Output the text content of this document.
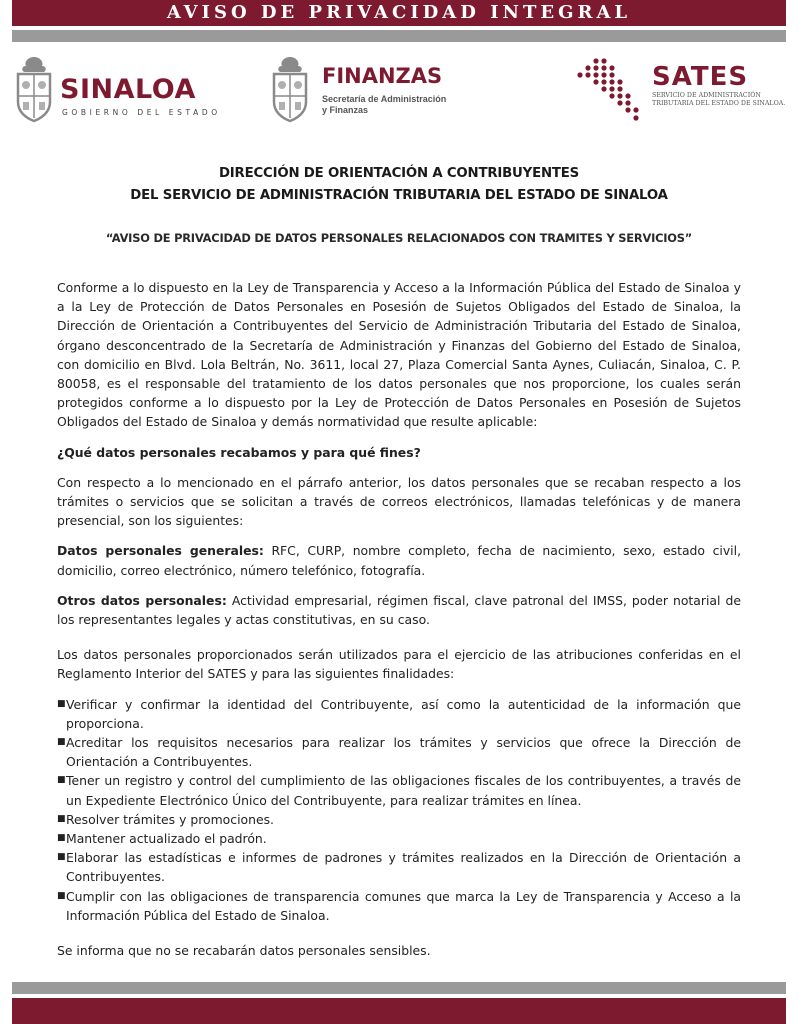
AVISO DE PRIVACIDAD INTEGRAL
SINALOA
GOBIERNO DEL ESTADO
FINANZAS
Secretaría de Administración
y Finanzas
SATES
SERVICIO DE ADMINISTRACIÓN
TRIBUTARIA DEL ESTADO DE SINALOA.
DIRECCIÓN DE ORIENTACIÓN A CONTRIBUYENTES
DEL SERVICIO DE ADMINISTRACIÓN TRIBUTARIA DEL ESTADO DE SINALOA
“AVISO DE PRIVACIDAD DE DATOS PERSONALES RELACIONADOS CON TRAMITES Y SERVICIOS”

Conforme a lo dispuesto en la Ley de Transparencia y Acceso a la Información Pública del Estado de Sinaloa y a la Ley de Protección de Datos Personales en Posesión de Sujetos Obligados del Estado de Sinaloa, la Dirección de Orientación a Contribuyentes del Servicio de Administración Tributaria del Estado de Sinaloa, órgano desconcentrado de la Secretaría de Administración y Finanzas del Gobierno del Estado de Sinaloa, con domicilio en Blvd. Lola Beltrán, No. 3611, local 27, Plaza Comercial Santa Aynes, Culiacán, Sinaloa, C. P. 80058, es el responsable del tratamiento de los datos personales que nos proporcione, los cuales serán protegidos conforme a lo dispuesto por la Ley de Protección de Datos Personales en Posesión de Sujetos Obligados del Estado de Sinaloa y demás normatividad que resulte aplicable:

¿Qué datos personales recabamos y para qué fines?

Con respecto a lo mencionado en el párrafo anterior, los datos personales que se recaban respecto a los trámites o servicios que se solicitan a través de correos electrónicos, llamadas telefónicas y de manera presencial, son los siguientes:

Datos personales generales: RFC, CURP, nombre completo, fecha de nacimiento, sexo, estado civil, domicilio, correo electrónico, número telefónico, fotografía.

Otros datos personales: Actividad empresarial, régimen fiscal, clave patronal del IMSS, poder notarial de los representantes legales y actas constitutivas, en su caso.

Los datos personales proporcionados serán utilizados para el ejercicio de las atribuciones conferidas en el Reglamento Interior del SATES y para las siguientes finalidades:

■ Verificar y confirmar la identidad del Contribuyente, así como la autenticidad de la información que proporciona.
■ Acreditar los requisitos necesarios para realizar los trámites y servicios que ofrece la Dirección de Orientación a Contribuyentes.
■ Tener un registro y control del cumplimiento de las obligaciones fiscales de los contribuyentes, a través de un Expediente Electrónico Único del Contribuyente, para realizar trámites en línea.
■ Resolver trámites y promociones.
■ Mantener actualizado el padrón.
■ Elaborar las estadísticas e informes de padrones y trámites realizados en la Dirección de Orientación a Contribuyentes.
■ Cumplir con las obligaciones de transparencia comunes que marca la Ley de Transparencia y Acceso a la Información Pública del Estado de Sinaloa.

Se informa que no se recabarán datos personales sensibles.
